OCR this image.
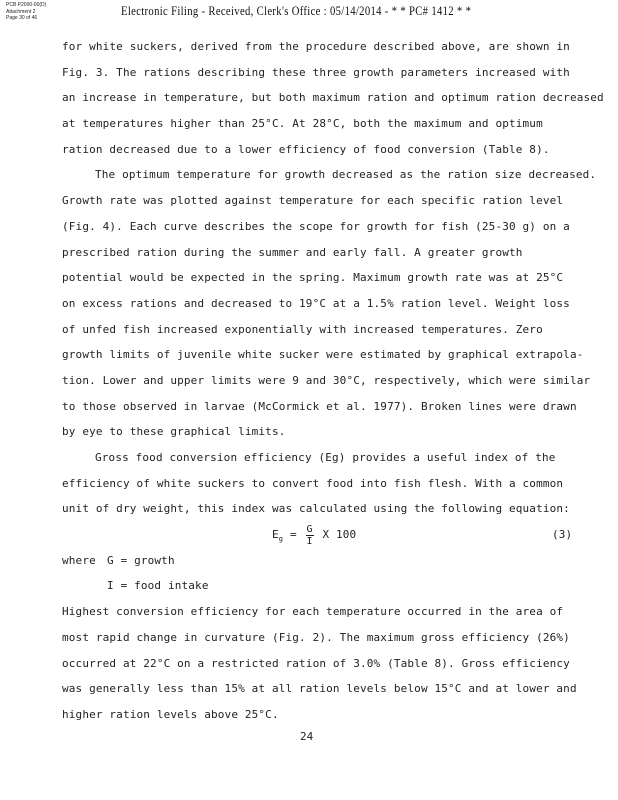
PCB P2000-00(D)
Attachment 2
Page 30 of 46	Electronic Filing - Received, Clerk's Office : 05/14/2014 - * * PC# 1412 * *
for white suckers, derived from the procedure described above, are shown in
Fig. 3. The rations describing these three growth parameters increased with
an increase in temperature, but both maximum ration and optimum ration decreased
at temperatures higher than 25°C. At 28°C, both the maximum and optimum
ration decreased due to a lower efficiency of food conversion (Table 8).
The optimum temperature for growth decreased as the ration size decreased.
Growth rate was plotted against temperature for each specific ration level
(Fig. 4). Each curve describes the scope for growth for fish (25-30 g) on a
prescribed ration during the summer and early fall. A greater growth
potential would be expected in the spring. Maximum growth rate was at 25°C
on excess rations and decreased to 19°C at a 1.5% ration level. Weight loss
of unfed fish increased exponentially with increased temperatures. Zero
growth limits of juvenile white sucker were estimated by graphical extrapola-
tion. Lower and upper limits were 9 and 30°C, respectively, which were similar
to those observed in larvae (McCormick et al. 1977). Broken lines were drawn
by eye to these graphical limits.
Gross food conversion efficiency (Eg) provides a useful index of the
efficiency of white suckers to convert food into fish flesh. With a common
unit of dry weight, this index was calculated using the following equation:
$E_g = \frac{G}{I}$ X 100	(3)
where G = growth
I = food intake
Highest conversion efficiency for each temperature occurred in the area of
most rapid change in curvature (Fig. 2). The maximum gross efficiency (26%)
occurred at 22°C on a restricted ration of 3.0% (Table 8). Gross efficiency
was generally less than 15% at all ration levels below 15°C and at lower and
higher ration levels above 25°C.
24
